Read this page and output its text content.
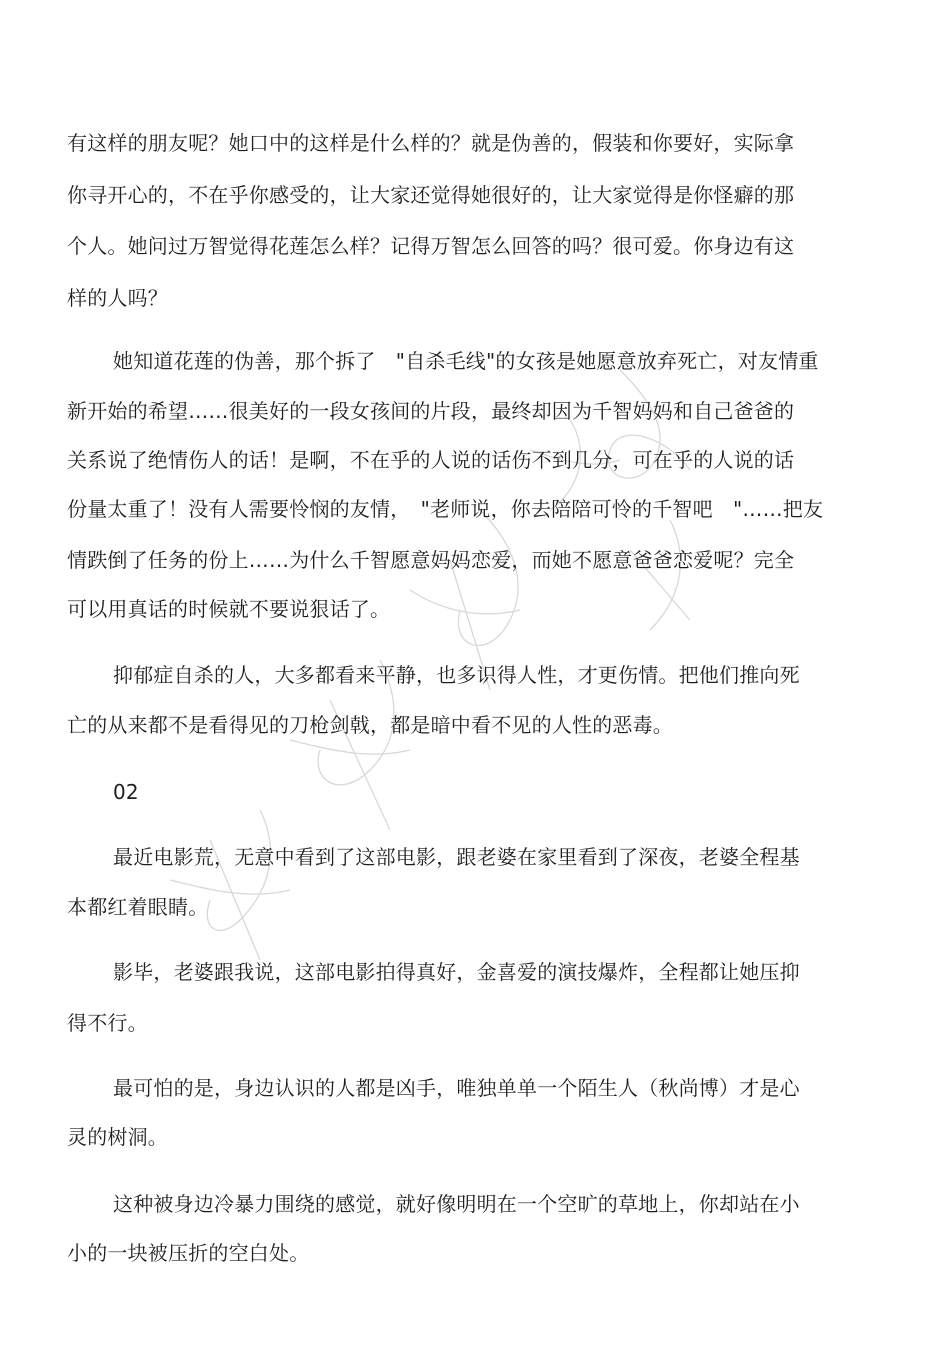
有这样的朋友呢？她口中的这样是什么样的？就是伪善的，假装和你要好，实际拿
你寻开心的，不在乎你感受的，让大家还觉得她很好的，让大家觉得是你怪癖的那
个人。她问过万智觉得花莲怎么样？记得万智怎么回答的吗？很可爱。你身边有这
样的人吗？
她知道花莲的伪善，那个拆了　"自杀毛线"的女孩是她愿意放弃死亡，对友情重
新开始的希望……很美好的一段女孩间的片段，最终却因为千智妈妈和自己爸爸的
关系说了绝情伤人的话！是啊，不在乎的人说的话伤不到几分，可在乎的人说的话
份量太重了！没有人需要怜悯的友情，　"老师说，你去陪陪可怜的千智吧　"……把友
情跌倒了任务的份上……为什么千智愿意妈妈恋爱，而她不愿意爸爸恋爱呢？完全
可以用真话的时候就不要说狠话了。
抑郁症自杀的人，大多都看来平静，也多识得人性，才更伤情。把他们推向死
亡的从来都不是看得见的刀枪剑戟，都是暗中看不见的人性的恶毒。
02
最近电影荒，无意中看到了这部电影，跟老婆在家里看到了深夜，老婆全程基
本都红着眼睛。
影毕，老婆跟我说，这部电影拍得真好，金喜爱的演技爆炸，全程都让她压抑
得不行。
最可怕的是，身边认识的人都是凶手，唯独单单一个陌生人（秋尚博）才是心
灵的树洞。
这种被身边冷暴力围绕的感觉，就好像明明在一个空旷的草地上，你却站在小
小的一块被压折的空白处。
